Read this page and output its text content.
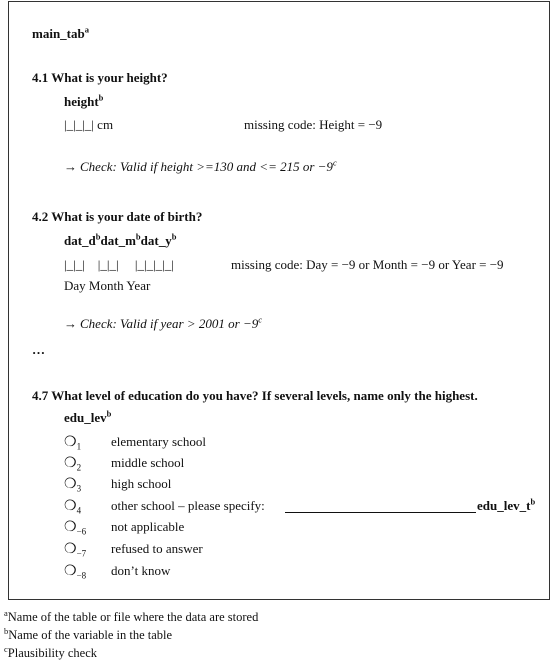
main_tab$^a$
4.1 What is your height?
height$^b$
|_|_|_| cm	missing code: Height = −9
→ Check: Valid if height >=130 and <= 215 or $-9^c$
4.2 What is your date of birth?
$dat\_d^bdat\_m^bdat\_y^b$
|_|_|    |_|_|     |_|_|_|_|	missing code: Day = −9 or Month = −9 or Year = −9
Day Month Year
→ Check: Valid if year > 2001 or $-9^c$
…
4.7 What level of education do you have? If several levels, name only the highest.
edu_lev$^b$
$❍_1$ elementary school
$❍_2$ middle school
$❍_3$ high school
$❍_4$ other school – please specify:	$edu\_lev\_t^b$
$❍_{-6}$ not applicable
$❍_{-7}$ refused to answer
$❍_{-8}$ don’t know
$^a$Name of the table or file where the data are stored
$^b$Name of the variable in the table
$^c$Plausibility check
